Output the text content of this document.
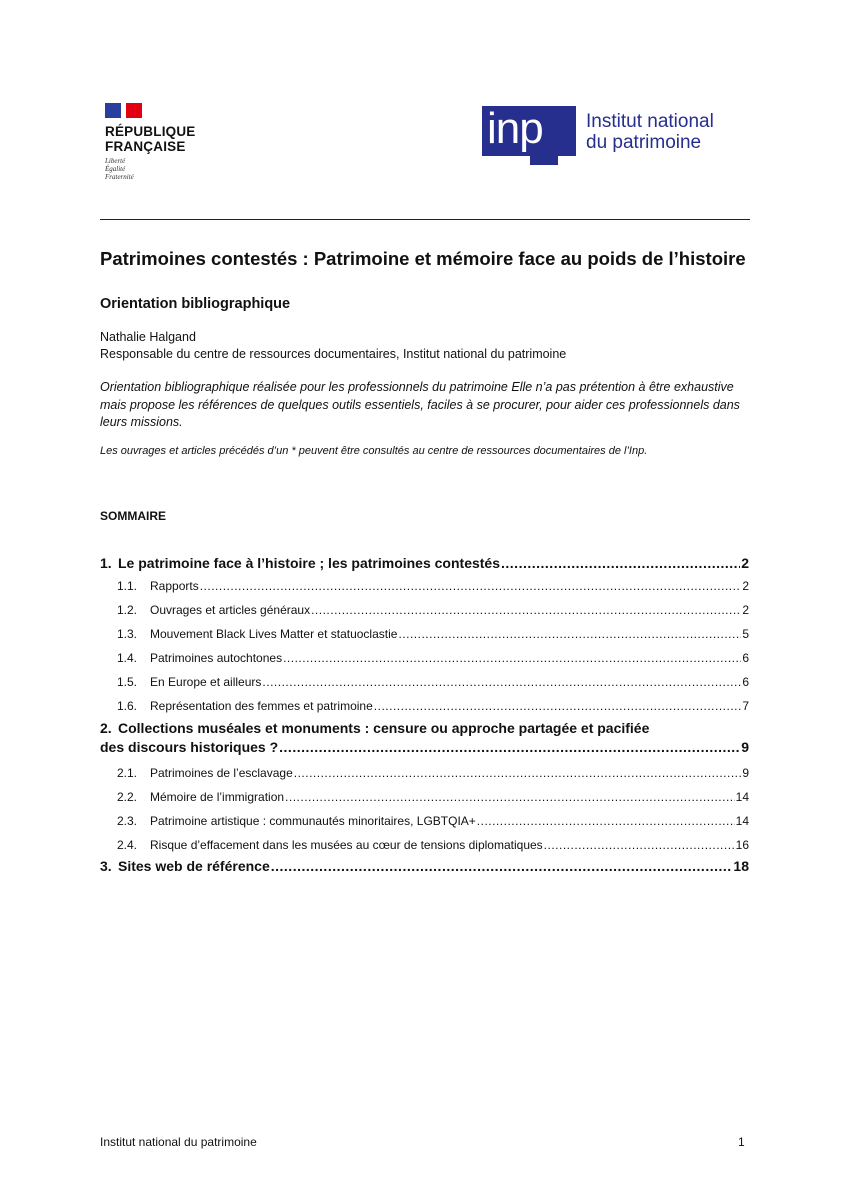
RÉPUBLIQUE
FRANÇAISE
Liberté
Égalité
Fraternité
inp Institut national
du patrimoine
Patrimoines contestés : Patrimoine et mémoire face au poids de l’histoire
Orientation bibliographique
Nathalie Halgand
Responsable du centre de ressources documentaires, Institut national du patrimoine
Orientation bibliographique réalisée pour les professionnels du patrimoine Elle n’a pas prétention à être exhaustive mais propose les références de quelques outils essentiels, faciles à se procurer, pour aider ces professionnels dans leurs missions.
Les ouvrages et articles précédés d’un * peuvent être consultés au centre de ressources documentaires de l’Inp.
SOMMAIRE
1. Le patrimoine face à l’histoire ; les patrimoines contestés .....	2
1.1. Rapports .....	2
1.2. Ouvrages et articles généraux .....	2
1.3. Mouvement Black Lives Matter et statuoclastie .....	5
1.4. Patrimoines autochtones .....	6
1.5. En Europe et ailleurs .....	6
1.6. Représentation des femmes et patrimoine .....	7
2. Collections muséales et monuments : censure ou approche partagée et pacifiée
des discours historiques ? .....	9
2.1. Patrimoines de l’esclavage .....	9
2.2. Mémoire de l’immigration .....	14
2.3. Patrimoine artistique : communautés minoritaires, LGBTQIA+ .....	14
2.4. Risque d’effacement dans les musées au cœur de tensions diplomatiques .....	16
3. Sites web de référence .....	18
Institut national du patrimoine	1
